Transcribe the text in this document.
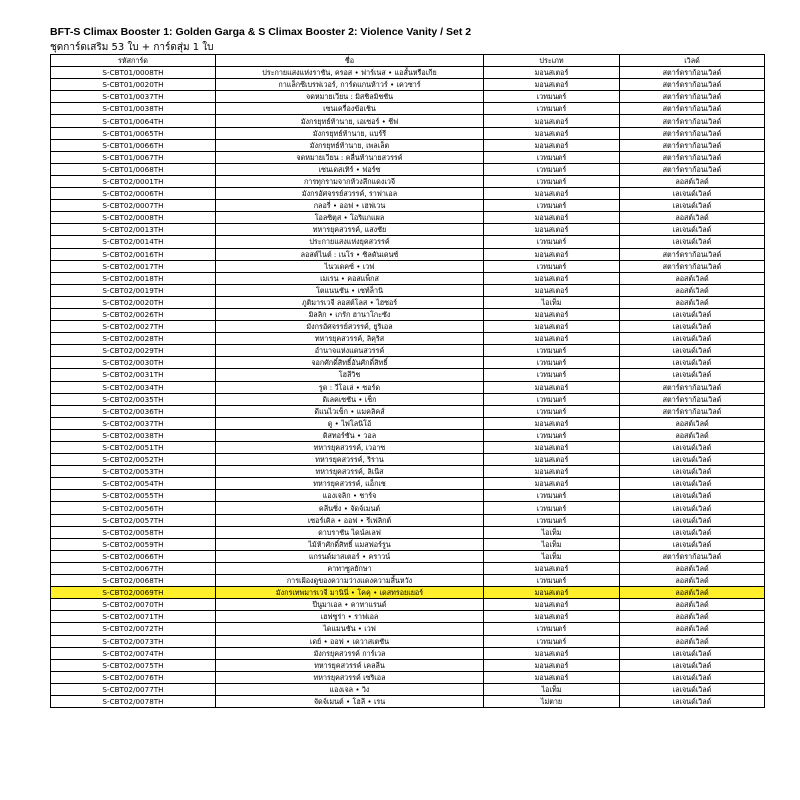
BFT-S Climax Booster 1: Golden Garga & S Climax Booster 2: Violence Vanity / Set 2
ชุดการ์ดเสริม 53 ใบ + การ์ดสุ่ม 1 ใบ
รหัสการ์ด	ชื่อ	ประเภท	เวิลด์
S-CBT01/0008TH	ประกายแสงแห่งราชัน, ครอส • ฟาร์เนส • แอสั้นหรือเกีย	มอนสเตอร์	สตาร์ดราก้อนเวิลด์
S-CBT01/0020TH	กาแล็กซีเบรฟเวอร์, การ์ดแกนห้าวร์ • เควซาร์	มอนสเตอร์	สตาร์ดราก้อนเวิลด์
S-CBT01/0037TH	จดหมายเวียน : มิสชิลมิชชัน	เวทมนตร์	สตาร์ดราก้อนเวิลด์
S-CBT01/0038TH	เซนเครื่องข้อเชิน	เวทมนตร์	สตาร์ดราก้อนเวิลด์
S-CBT01/0064TH	มังกรยุทธ์ท้านาย, เอเซอร์ • ชีฟ	มอนสเตอร์	สตาร์ดราก้อนเวิลด์
S-CBT01/0065TH	มังกรยุทธ์ท้านาย, แบร์รี	มอนสเตอร์	สตาร์ดราก้อนเวิลด์
S-CBT01/0066TH	มังกรยุทธ์ท้านาย, เพลเล็ต	มอนสเตอร์	สตาร์ดราก้อนเวิลด์
S-CBT01/0067TH	จดหมายเวียน : คลื่นท้านายสวรรค์	เวทมนตร์	สตาร์ดราก้อนเวิลด์
S-CBT01/0068TH	เซนเดสเทิร์ • ฟอร์ซ	เวทมนตร์	สตาร์ดราก้อนเวิลด์
S-CBT02/0001TH	การทุกรามจากห้วงลึกแดงเวจี	เวทมนตร์	ลอสต์เวิลด์
S-CBT02/0006TH	มังกรอัศจรรย์สวรรค์, ราฟาเอล	มอนสเตอร์	เลเจนด์เวิลด์
S-CBT02/0007TH	กลอรี่ • ออฟ • เฮฟเวน	เวทมนตร์	เลเจนด์เวิลด์
S-CBT02/0008TH	โอลซิตุส • โอริแกแผล	มอนสเตอร์	ลอสต์เวิลด์
S-CBT02/0013TH	ทหารยุคสวรรค์, แสงชัย	มอนสเตอร์	เลเจนด์เวิลด์
S-CBT02/0014TH	ประกายแสงแห่งยุคสวรรค์	เวทมนตร์	เลเจนด์เวิลด์
S-CBT02/0016TH	ลอสต์ไนต์ : เนโร • ซิลดันเดนซ์	มอนสเตอร์	สตาร์ดราก้อนเวิลด์
S-CBT02/0017TH	ไนวเดคซ์ • เวฟ	เวทมนตร์	สตาร์ดราก้อนเวิลด์
S-CBT02/0018TH	เมเรน • คอสแพ็กส	มอนสเตอร์	ลอสต์เวิลด์
S-CBT02/0019TH	โตแนนชัน • เซท์ล็านิ	มอนสเตอร์	ลอสต์เวิลด์
S-CBT02/0020TH	ภูติมารเวจี ลอสต์โลส • ไฮซอร์	ไอเท็ม	ลอสต์เวิลด์
S-CBT02/0026TH	มิลลิก • เกรัก ฮานาโกะซัง	มอนสเตอร์	เลเจนด์เวิลด์
S-CBT02/0027TH	มังกรอัศจรรย์สวรรค์, ยูริเอล	มอนสเตอร์	เลเจนด์เวิลด์
S-CBT02/0028TH	ทหารยุคสวรรค์, ลิคุริส	มอนสเตอร์	เลเจนด์เวิลด์
S-CBT02/0029TH	อำนาจแห่งแดนสวรรค์	เวทมนตร์	เลเจนด์เวิลด์
S-CBT02/0030TH	จอกศักดิ์สิทธิ์อันศักดิ์สิทธิ์	เวทมนตร์	เลเจนด์เวิลด์
S-CBT02/0031TH	โฮลีวิช	เวทมนตร์	เลเจนด์เวิลด์
S-CBT02/0034TH	รูด : วีโอเล่ • ซอร์ด	มอนสเตอร์	สตาร์ดราก้อนเวิลด์
S-CBT02/0035TH	ดิเลคเซชัน • เช็ก	เวทมนตร์	สตาร์ดราก้อนเวิลด์
S-CBT02/0036TH	ดีแนไวเข็ก • แมคลิคส์	เวทมนตร์	สตาร์ดราก้อนเวิลด์
S-CBT02/0037TH	ดู • ไฟโลนิโอ้	มอนสเตอร์	ลอสต์เวิลด์
S-CBT02/0038TH	ดิสทอร์ชัน • วอล	เวทมนตร์	ลอสต์เวิลด์
S-CBT02/0051TH	ทหารยุคสวรรค์, เวอาซ	มอนสเตอร์	เลเจนด์เวิลด์
S-CBT02/0052TH	ทหารยุคสวรรค์, ริราน	มอนสเตอร์	เลเจนด์เวิลด์
S-CBT02/0053TH	ทหารยุคสวรรค์, ลิเนีส	มอนสเตอร์	เลเจนด์เวิลด์
S-CBT02/0054TH	ทหารยุคสวรรค์, แอ็กเช	มอนสเตอร์	เลเจนด์เวิลด์
S-CBT02/0055TH	แองเจลิก • ชาร์จ	เวทมนตร์	เลเจนด์เวิลด์
S-CBT02/0056TH	คลีนซิ่ง • จัดจ์เมนต์	เวทมนตร์	เลเจนด์เวิลด์
S-CBT02/0057TH	เซอร์เคิล • ออฟ • รีเฟลิกต์	เวทมนตร์	เลเจนด์เวิลด์
S-CBT02/0058TH	ดาบราชัน ไดน์ลเลฟ	ไอเท็ม	เลเจนด์เวิลด์
S-CBT02/0059TH	ไม้ห้าศักดิ์สิทธิ์ แมสฟอร์รูน	ไอเท็ม	เลเจนด์เวิลด์
S-CBT02/0066TH	แกรนด์มาสเตอร์ • คราวน์	ไอเท็ม	สตาร์ดราก้อนเวิลด์
S-CBT02/0067TH	คาทาซูลยักษา	มอนสเตอร์	ลอสต์เวิลด์
S-CBT02/0068TH	การเฝ้องดูของความว่างแดงความสิ้นหวัง	เวทมนตร์	ลอสต์เวิลด์
S-CBT02/0069TH	มังกรเทพมารเวจี มานินี่ • โคคุ • เดสทรอยเยอร์	มอนสเตอร์	ลอสต์เวิลด์
S-CBT02/0070TH	ปีนูมาเอล • คาทาแรนด์	มอนสเตอร์	ลอสต์เวิลด์
S-CBT02/0071TH	เฮฟซูร่า • ราฟเอล	มอนสเตอร์	ลอสต์เวิลด์
S-CBT02/0072TH	ไดแมนชัน • เวฟ	เวทมนตร์	ลอสต์เวิลด์
S-CBT02/0073TH	เดย์ • ออฟ • เดวาสเตชัน	เวทมนตร์	ลอสต์เวิลด์
S-CBT02/0074TH	มังกรยุคสวรรค์ การ์เวล	มอนสเตอร์	เลเจนด์เวิลด์
S-CBT02/0075TH	ทหารยุคสวรรค์ เคลลีน	มอนสเตอร์	เลเจนด์เวิลด์
S-CBT02/0076TH	ทหารยุคสวรรค์ เซริเอล	มอนสเตอร์	เลเจนด์เวิลด์
S-CBT02/0077TH	แองเจล • วิง	ไอเท็ม	เลเจนด์เวิลด์
S-CBT02/0078TH	จัดจ์เมนต์ • โฮลี • เรน	ไม่ตาย	เลเจนด์เวิลด์
